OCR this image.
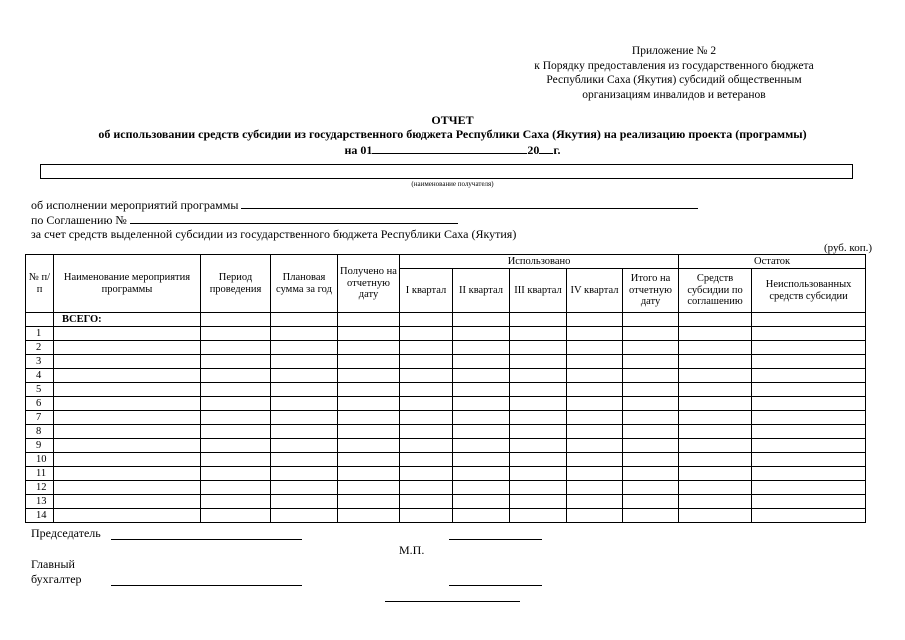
Приложение № 2
к Порядку предоставления из государственного бюджета
Республики Саха (Якутия) субсидий общественным
организациям инвалидов и ветеранов
ОТЧЕТ
об использовании средств субсидии из государственного бюджета Республики Саха (Якутия) на реализацию проекта (программы)
на 01	20 г.
(наименование получателя)
об исполнении мероприятий программы
по Соглашению №
за счет средств выделенной субсидии из государственного бюджета Республики Саха (Якутия)
(руб. коп.)
№ п/п	Наименование мероприятия программы	Период проведения	Плановая сумма за год	Получено на отчетную дату	Использовано					Остаток	
					I квартал	II квартал	III квартал	IV квартал	Итого на отчетную дату	Средств субсидии по соглашению	Неиспользованных средств субсидии
	ВСЕГО:										
1											
2											
3											
4											
5											
6											
7											
8											
9											
10											
11											
12											
13											
14											
Председатель
М.П.
Главный
бухгалтер
